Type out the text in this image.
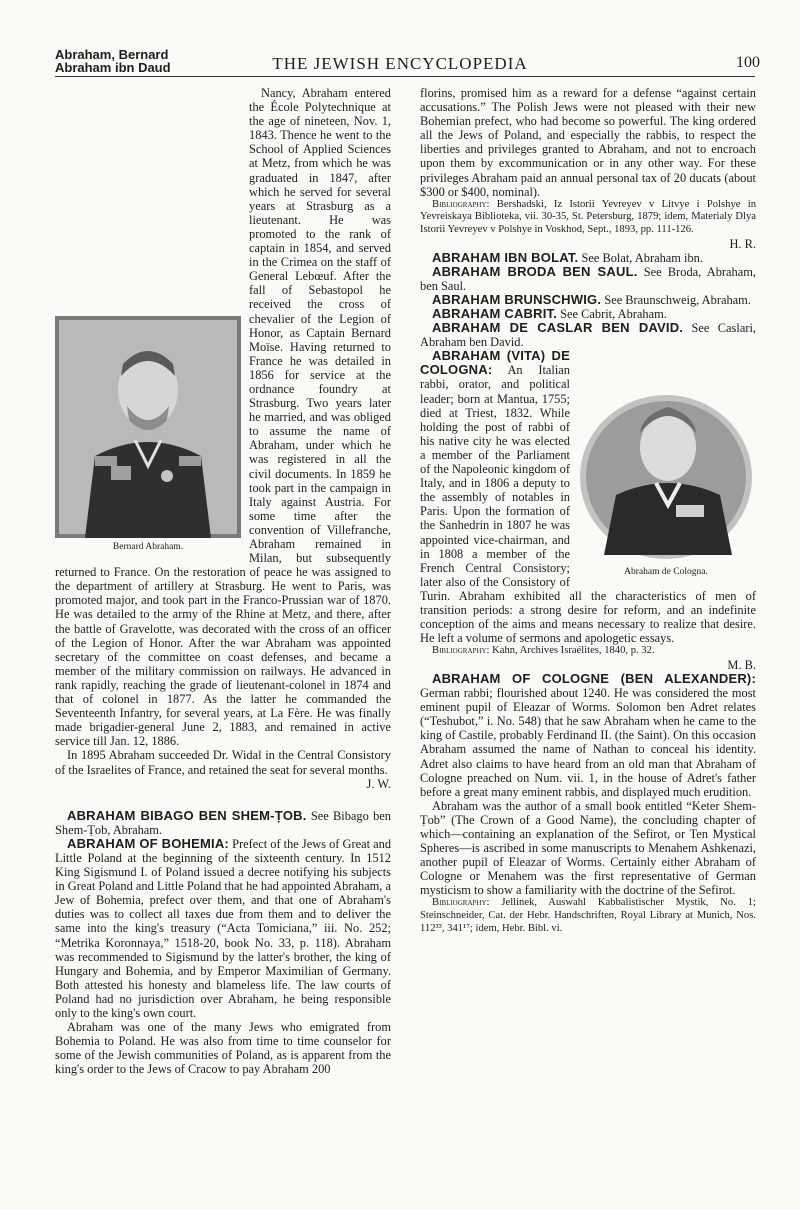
Abraham, Bernard
Abraham ibn Daud	THE JEWISH ENCYCLOPEDIA	100
Bernard Abraham.

Nancy, Abraham entered the École Polytechnique at the age of nineteen, Nov. 1, 1843. Thence he went to the School of Applied Sciences at Metz, from which he was graduated in 1847, after which he served for several years at Strasburg as a lieutenant. He was promoted to the rank of captain in 1854, and served in the Crimea on the staff of General Lebœuf. After the fall of Sebastopol he received the cross of chevalier of the Legion of Honor, as Captain Bernard Moïse. Having returned to France he was detailed in 1856 for service at the ordnance foundry at Strasburg. Two years later he married, and was obliged to assume the name of Abraham, under which he was registered in all the civil documents. In 1859 he took part in the campaign in Italy against Austria. For some time after the convention of Villefranche, Abraham remained in Milan, but subsequently returned to France. On the restoration of peace he was assigned to the department of artillery at Strasburg. He went to Paris, was promoted major, and took part in the Franco-Prussian war of 1870. He was detailed to the army of the Rhine at Metz, and there, after the battle of Gravelotte, was decorated with the cross of an officer of the Legion of Honor. After the war Abraham was appointed secretary of the committee on coast defenses, and became a member of the military commission on railways. He advanced in rank rapidly, reaching the grade of lieutenant-colonel in 1874 and that of colonel in 1877. As the latter he commanded the Seventeenth Infantry, for several years, at La Fère. He was finally made brigadier-general June 2, 1883, and remained in active service till Jan. 12, 1886.

In 1895 Abraham succeeded Dr. Widal in the Central Consistory of the Israelites of France, and retained the seat for several months.

J. W.

ABRAHAM BIBAGO BEN SHEM-ṬOB. See Bibago ben Shem-Ṭob, Abraham.

ABRAHAM OF BOHEMIA: Prefect of the Jews of Great and Little Poland at the beginning of the sixteenth century. In 1512 King Sigismund I. of Poland issued a decree notifying his subjects in Great Poland and Little Poland that he had appointed Abraham, a Jew of Bohemia, prefect over them, and that one of Abraham's duties was to collect all taxes due from them and to deliver the same into the king's treasury (“Acta Tomiciana,” iii. No. 252; “Metrika Koronnaya,” 1518-20, book No. 33, p. 118). Abraham was recommended to Sigismund by the latter's brother, the king of Hungary and Bohemia, and by Emperor Maximilian of Germany. Both attested his honesty and blameless life. The law courts of Poland had no jurisdiction over Abraham, he being responsible only to the king's own court.

Abraham was one of the many Jews who emigrated from Bohemia to Poland. He was also from time to time counselor for some of the Jewish communities of Poland, as is apparent from the king's order to the Jews of Cracow to pay Abraham 200

florins, promised him as a reward for a defense “against certain accusations.” The Polish Jews were not pleased with their new Bohemian prefect, who had become so powerful. The king ordered all the Jews of Poland, and especially the rabbis, to respect the liberties and privileges granted to Abraham, and not to encroach upon them by excommunication or in any other way. For these privileges Abraham paid an annual personal tax of 20 ducats (about $300 or $400, nominal).

Bibliography: Bershadski, Iz Istorii Yevreyev v Litvye i Polshye in Yevreiskaya Biblioteka, vii. 30-35, St. Petersburg, 1879; idem, Materialy Dlya Istorii Yevreyev v Polshye in Voskhod, Sept., 1893, pp. 111-126.

H. R.

ABRAHAM IBN BOLAT. See Bolat, Abraham ibn.

ABRAHAM BRODA BEN SAUL. See Broda, Abraham, ben Saul.

ABRAHAM BRUNSCHWIG. See Braunschweig, Abraham.

ABRAHAM CABRIT. See Cabrit, Abraham.

ABRAHAM DE CASLAR BEN DAVID. See Caslari, Abraham ben David.

Abraham de Cologna.

ABRAHAM (VITA) DE COLOGNA: An Italian rabbi, orator, and political leader; born at Mantua, 1755; died at Triest, 1832. While holding the post of rabbi of his native city he was elected a member of the Parliament of the Napoleonic kingdom of Italy, and in 1806 a deputy to the assembly of notables in Paris. Upon the formation of the Sanhedrin in 1807 he was appointed vice-chairman, and in 1808 a member of the French Central Consistory; later also of the Consistory of Turin. Abraham exhibited all the characteristics of men of transition periods: a strong desire for reform, and an indefinite conception of the aims and means necessary to realize that desire. He left a volume of sermons and apologetic essays.

Bibliography: Kahn, Archives Israélites, 1840, p. 32.

M. B.

ABRAHAM OF COLOGNE (BEN ALEXANDER): German rabbi; flourished about 1240. He was considered the most eminent pupil of Eleazar of Worms. Solomon ben Adret relates (“Teshubot,” i. No. 548) that he saw Abraham when he came to the king of Castile, probably Ferdinand II. (the Saint). On this occasion Abraham assumed the name of Nathan to conceal his identity. Adret also claims to have heard from an old man that Abraham of Cologne preached on Num. vii. 1, in the house of Adret's father before a great many eminent rabbis, and displayed much erudition.

Abraham was the author of a small book entitled “Keter Shem-Ṭob” (The Crown of a Good Name), the concluding chapter of which—containing an explanation of the Sefirot, or Ten Mystical Spheres—is ascribed in some manuscripts to Menahem Ashkenazi, another pupil of Eleazar of Worms. Certainly either Abraham of Cologne or Menahem was the first representative of German mysticism to show a familiarity with the doctrine of the Sefirot.

Bibliography: Jellinek, Auswahl Kabbalistischer Mystik, No. 1; Steinschneider, Cat. der Hebr. Handschriften, Royal Library at Munich, Nos. 112³³, 341¹⁷; idem, Hebr. Bibl. vi.
